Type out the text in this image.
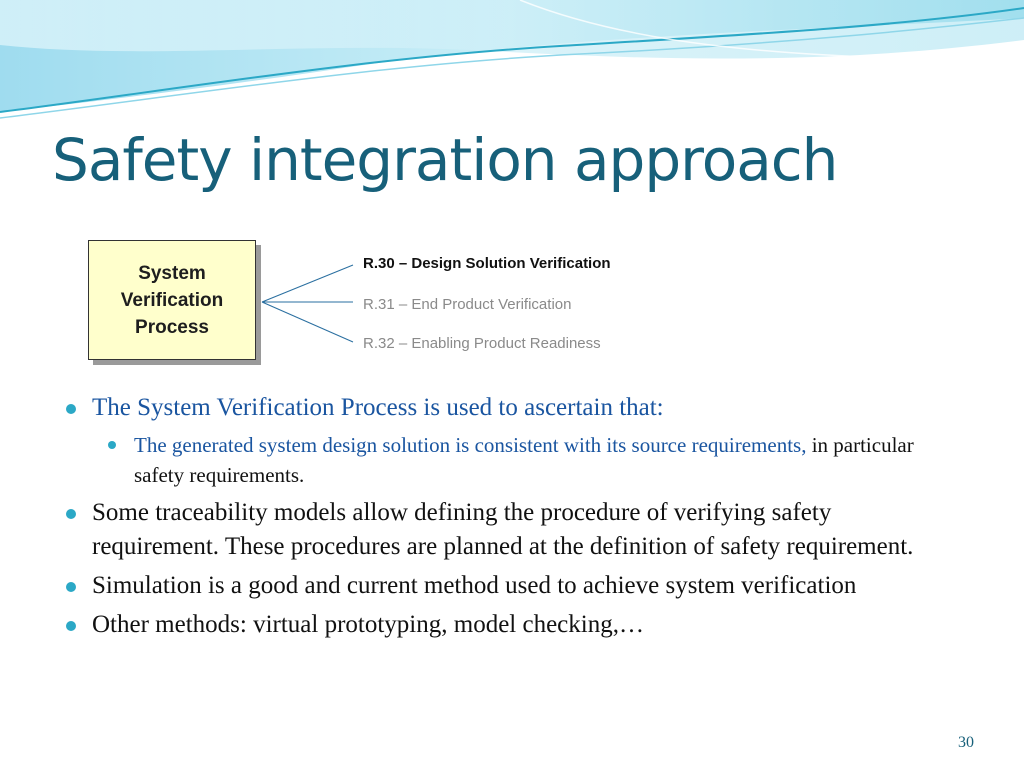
Safety integration approach
System
Verification
Process
R.30 – Design Solution Verification
R.31 – End Product Verification
R.32 – Enabling Product Readiness
The System Verification Process is used to ascertain that:
The generated system design solution is consistent with its source requirements, in particular safety requirements.
Some traceability models allow defining the procedure of verifying safety requirement. These procedures are planned at the definition of safety requirement.
Simulation is a good and current method used to achieve system verification
Other methods: virtual prototyping, model checking,…
30
